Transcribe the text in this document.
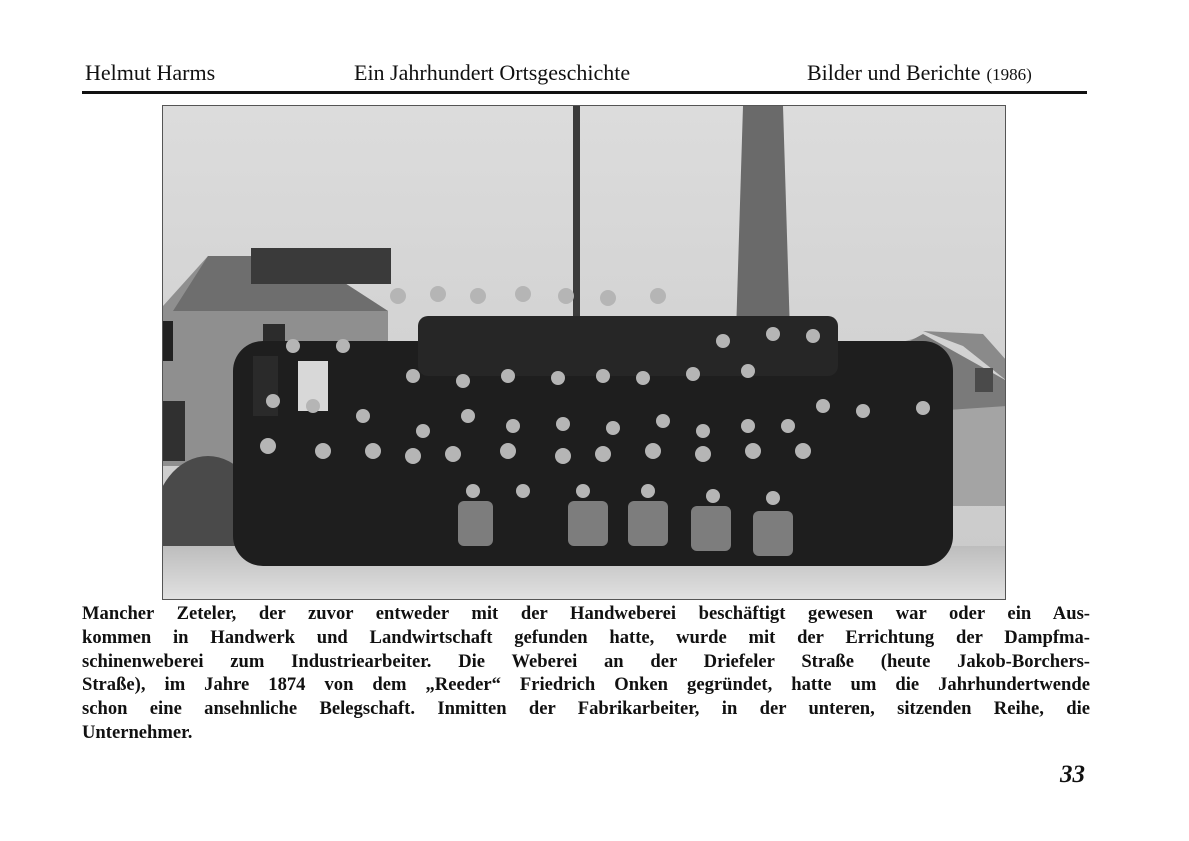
Helmut Harms	Ein Jahrhundert Ortsgeschichte	Bilder und Berichte (1986)

Mancher Zeteler, der zuvor entweder mit der Handweberei beschäftigt gewesen war oder ein Aus-
kommen in Handwerk und Landwirtschaft gefunden hatte, wurde mit der Errichtung der Dampfma-
schinenweberei zum Industriearbeiter. Die Weberei an der Driefeler Straße (heute Jakob-Borchers-
Straße), im Jahre 1874 von dem „Reeder“ Friedrich Onken gegründet, hatte um die Jahrhundertwende
schon eine ansehnliche Belegschaft. Inmitten der Fabrikarbeiter, in der unteren, sitzenden Reihe, die
Unternehmer.

33
